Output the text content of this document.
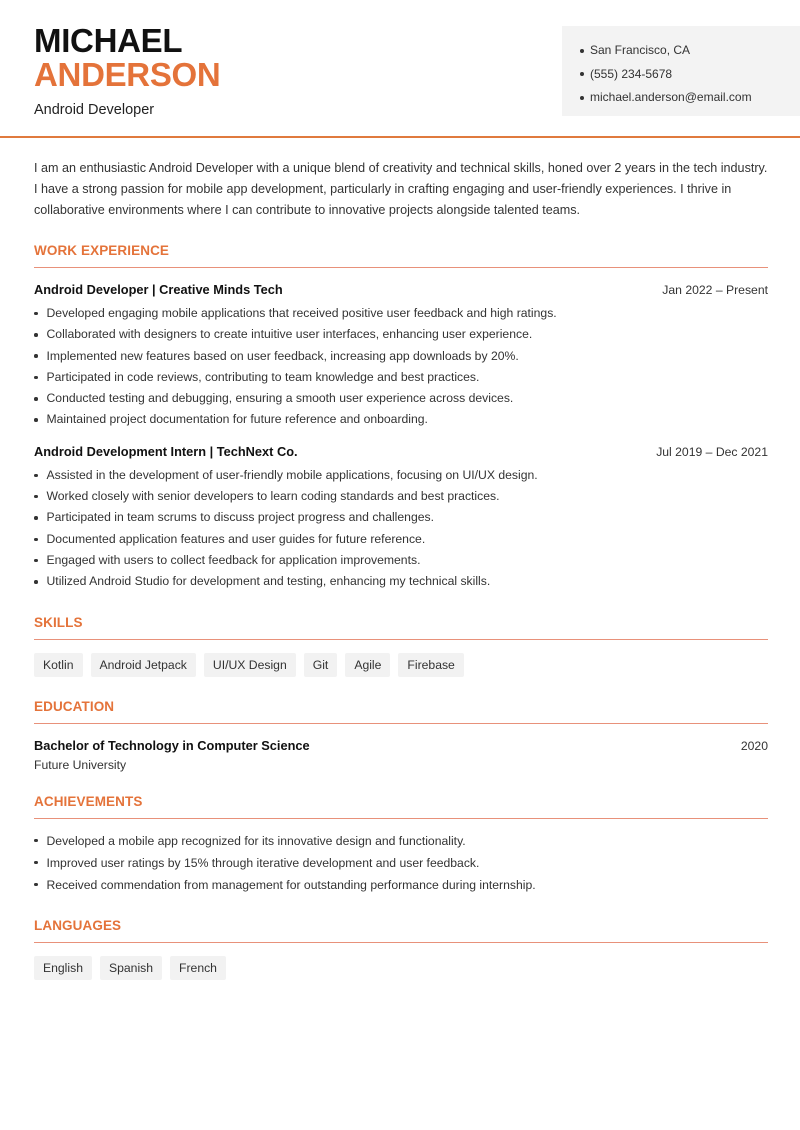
MICHAEL
ANDERSON
Android Developer
San Francisco, CA
(555) 234-5678
michael.anderson@email.com

I am an enthusiastic Android Developer with a unique blend of creativity and technical skills, honed over 2 years in the tech industry. I have a strong passion for mobile app development, particularly in crafting engaging and user-friendly experiences. I thrive in collaborative environments where I can contribute to innovative projects alongside talented teams.

WORK EXPERIENCE
Android Developer | Creative Minds Tech	Jan 2022 – Present
Developed engaging mobile applications that received positive user feedback and high ratings.
Collaborated with designers to create intuitive user interfaces, enhancing user experience.
Implemented new features based on user feedback, increasing app downloads by 20%.
Participated in code reviews, contributing to team knowledge and best practices.
Conducted testing and debugging, ensuring a smooth user experience across devices.
Maintained project documentation for future reference and onboarding.
Android Development Intern | TechNext Co.	Jul 2019 – Dec 2021
Assisted in the development of user-friendly mobile applications, focusing on UI/UX design.
Worked closely with senior developers to learn coding standards and best practices.
Participated in team scrums to discuss project progress and challenges.
Documented application features and user guides for future reference.
Engaged with users to collect feedback for application improvements.
Utilized Android Studio for development and testing, enhancing my technical skills.
SKILLS
Kotlin	Android Jetpack	UI/UX Design	Git	Agile	Firebase
EDUCATION
Bachelor of Technology in Computer Science	2020
Future University
ACHIEVEMENTS
Developed a mobile app recognized for its innovative design and functionality.
Improved user ratings by 15% through iterative development and user feedback.
Received commendation from management for outstanding performance during internship.
LANGUAGES
English	Spanish	French
